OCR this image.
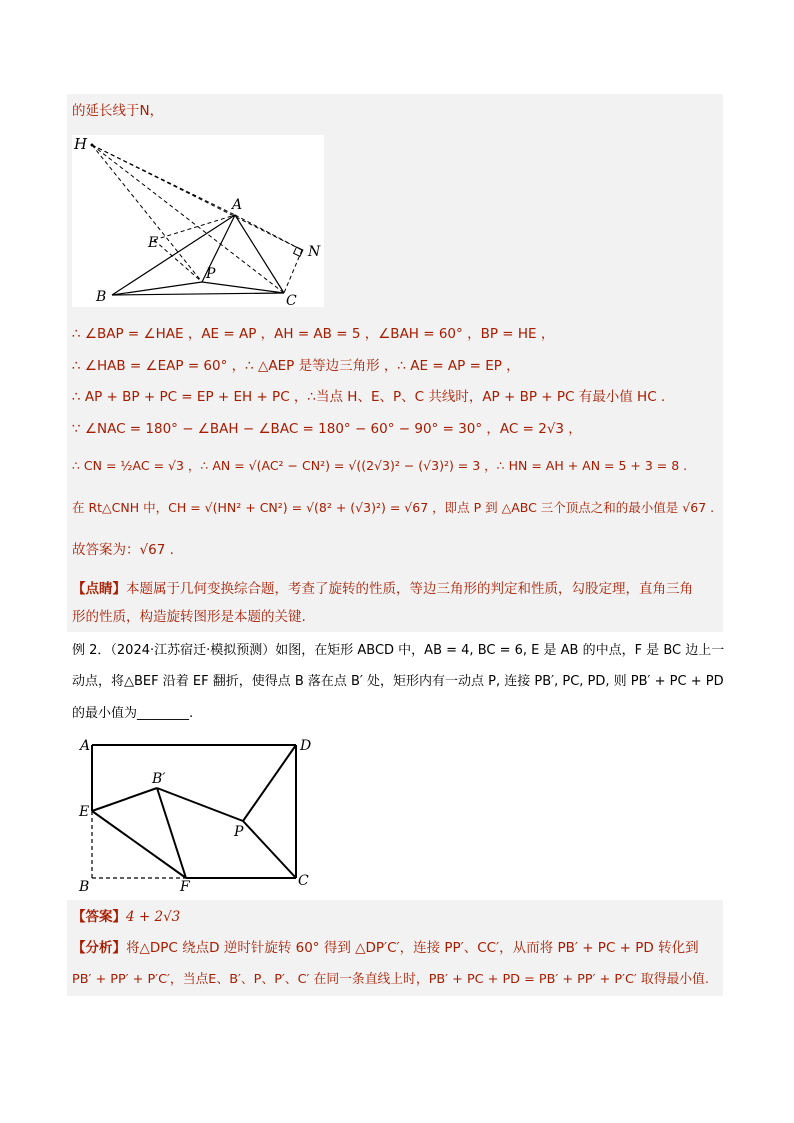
的延长线于N，
H
A
E
N
P
B	C
∴ ∠BAP = ∠HAE ，AE = AP ，AH = AB = 5 ，∠BAH = 60° ，BP = HE ，
∴ ∠HAB = ∠EAP = 60° ，∴ △AEP 是等边三角形 ，∴ AE = AP = EP ，
∴ AP + BP + PC = EP + EH + PC ，∴当点 H、E、P、C 共线时，AP + BP + PC 有最小值 HC .
∵ ∠NAC = 180° − ∠BAH − ∠BAC = 180° − 60° − 90° = 30° ，AC = 2√3 ，
∴ CN = ½AC = √3 ，∴ AN = √(AC² − CN²) = √((2√3)² − (√3)²) = 3 ，∴ HN = AH + AN = 5 + 3 = 8 .
在 Rt△CNH 中，CH = √(HN² + CN²) = √(8² + (√3)²) = √67 ，即点 P 到 △ABC 三个顶点之和的最小值是 √67 .
故答案为：√67 .
【点睛】本题属于几何变换综合题，考查了旋转的性质，等边三角形的判定和性质，勾股定理，直角三角
形的性质，构造旋转图形是本题的关键.
例 2．（2024·江苏宿迁·模拟预测）如图，在矩形 ABCD 中，AB = 4, BC = 6, E 是 AB 的中点，F 是 BC 边上一
动点，将△BEF 沿着 EF 翻折，使得点 B 落在点 B′ 处，矩形内有一动点 P, 连接 PB′, PC, PD, 则 PB′ + PC + PD
的最小值为________.
A	D
B′
E
P
B	F	C
【答案】4 + 2√3
【分析】将△DPC 绕点D 逆时针旋转 60° 得到 △DP′C′，连接 PP′、CC′，从而将 PB′ + PC + PD 转化到
PB′ + PP′ + P′C′，当点E、B′、P、P′、C′ 在同一条直线上时，PB′ + PC + PD = PB′ + PP′ + P′C′ 取得最小值.
